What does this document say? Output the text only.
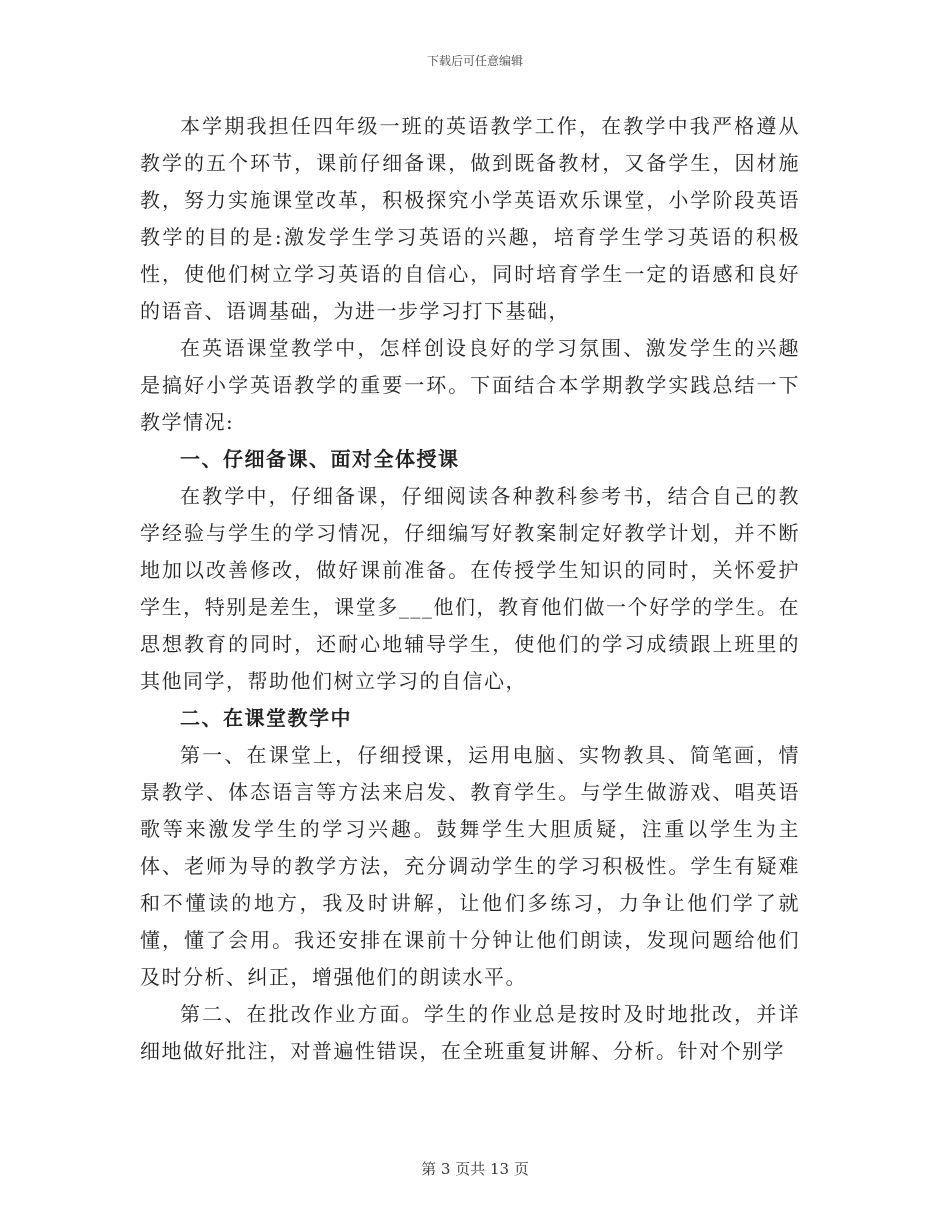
下载后可任意编辑

本学期我担任四年级一班的英语教学工作，在教学中我严格遵从教学的五个环节，课前仔细备课，做到既备教材，又备学生，因材施教，努力实施课堂改革，积极探究小学英语欢乐课堂，小学阶段英语教学的目的是:激发学生学习英语的兴趣，培育学生学习英语的积极性，使他们树立学习英语的自信心，同时培育学生一定的语感和良好的语音、语调基础，为进一步学习打下基础，

在英语课堂教学中，怎样创设良好的学习氛围、激发学生的兴趣是搞好小学英语教学的重要一环。下面结合本学期教学实践总结一下教学情况:

一、仔细备课、面对全体授课

在教学中，仔细备课，仔细阅读各种教科参考书，结合自己的教学经验与学生的学习情况，仔细编写好教案制定好教学计划，并不断地加以改善修改，做好课前准备。在传授学生知识的同时，关怀爱护学生，特别是差生，课堂多___他们，教育他们做一个好学的学生。在思想教育的同时，还耐心地辅导学生，使他们的学习成绩跟上班里的其他同学，帮助他们树立学习的自信心，

二、在课堂教学中

第一、在课堂上，仔细授课，运用电脑、实物教具、简笔画，情景教学、体态语言等方法来启发、教育学生。与学生做游戏、唱英语歌等来激发学生的学习兴趣。鼓舞学生大胆质疑，注重以学生为主体、老师为导的教学方法，充分调动学生的学习积极性。学生有疑难和不懂读的地方，我及时讲解，让他们多练习，力争让他们学了就懂，懂了会用。我还安排在课前十分钟让他们朗读，发现问题给他们及时分析、纠正，增强他们的朗读水平。

第二、在批改作业方面。学生的作业总是按时及时地批改，并详细地做好批注，对普遍性错误，在全班重复讲解、分析。针对个别学

第 3 页共 13 页
